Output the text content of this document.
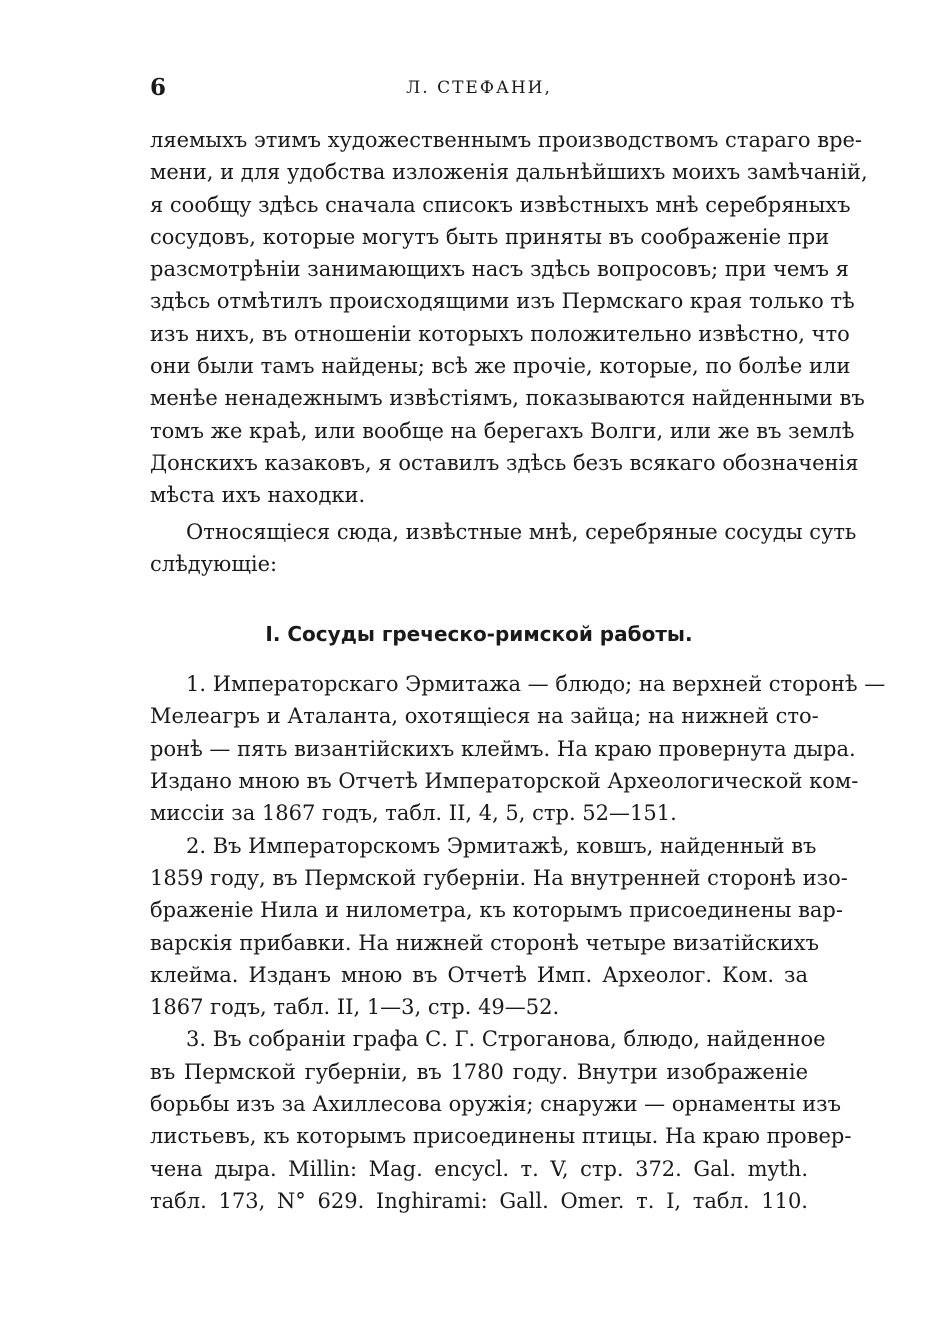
6	Л. СТЕФАНИ,
ляемыхъ этимъ художественнымъ производствомъ стараго вре-
мени, и для удобства изложенія дальнѣйшихъ моихъ замѣчаній,
я сообщу здѣсь сначала списокъ извѣстныхъ мнѣ серебряныхъ
сосудовъ, которые могутъ быть приняты въ соображеніе при
разсмотрѣніи занимающихъ насъ здѣсь вопросовъ; при чемъ я
здѣсь отмѣтилъ происходящими изъ Пермскаго края только тѣ
изъ нихъ, въ отношеніи которыхъ положительно извѣстно, что
они были тамъ найдены; всѣ же прочіе, которые, по болѣе или
менѣе ненадежнымъ извѣстіямъ, показываются найденными въ
томъ же краѣ, или вообще на берегахъ Волги, или же въ землѣ
Донскихъ казаковъ, я оставилъ здѣсь безъ всякаго обозначенія
мѣста ихъ находки.
Относящіеся сюда, извѣстные мнѣ, серебряные сосуды суть
слѣдующіе:
I. Сосуды греческо-римской работы.
1. Императорскаго Эрмитажа — блюдо; на верхней сторонѣ —
Мелеагръ и Аталанта, охотящіеся на зайца; на нижней сто-
ронѣ — пять византійскихъ клеймъ. На краю провернута дыра.
Издано мною въ Отчетѣ Императорской Археологической ком-
миссіи за 1867 годъ, табл. II, 4, 5, стр. 52—151.
2. Въ Императорскомъ Эрмитажѣ, ковшъ, найденный въ
1859 году, въ Пермской губерніи. На внутренней сторонѣ изо-
браженіе Нила и нилометра, къ которымъ присоединены вар-
варскія прибавки. На нижней сторонѣ четыре визатійскихъ
клейма. Изданъ мною въ Отчетѣ Имп. Археолог. Ком. за
1867 годъ, табл. II, 1—3, стр. 49—52.
3. Въ собраніи графа С. Г. Строганова, блюдо, найденное
въ Пермской губерніи, въ 1780 году. Внутри изображеніе
борьбы изъ за Ахиллесова оружія; снаружи — орнаменты изъ
листьевъ, къ которымъ присоединены птицы. На краю провер-
чена дыра. Millin: Mag. encycl. т. V, стр. 372. Gal. myth.
табл. 173, N° 629. Inghirami: Gall. Omer. т. I, табл. 110.
